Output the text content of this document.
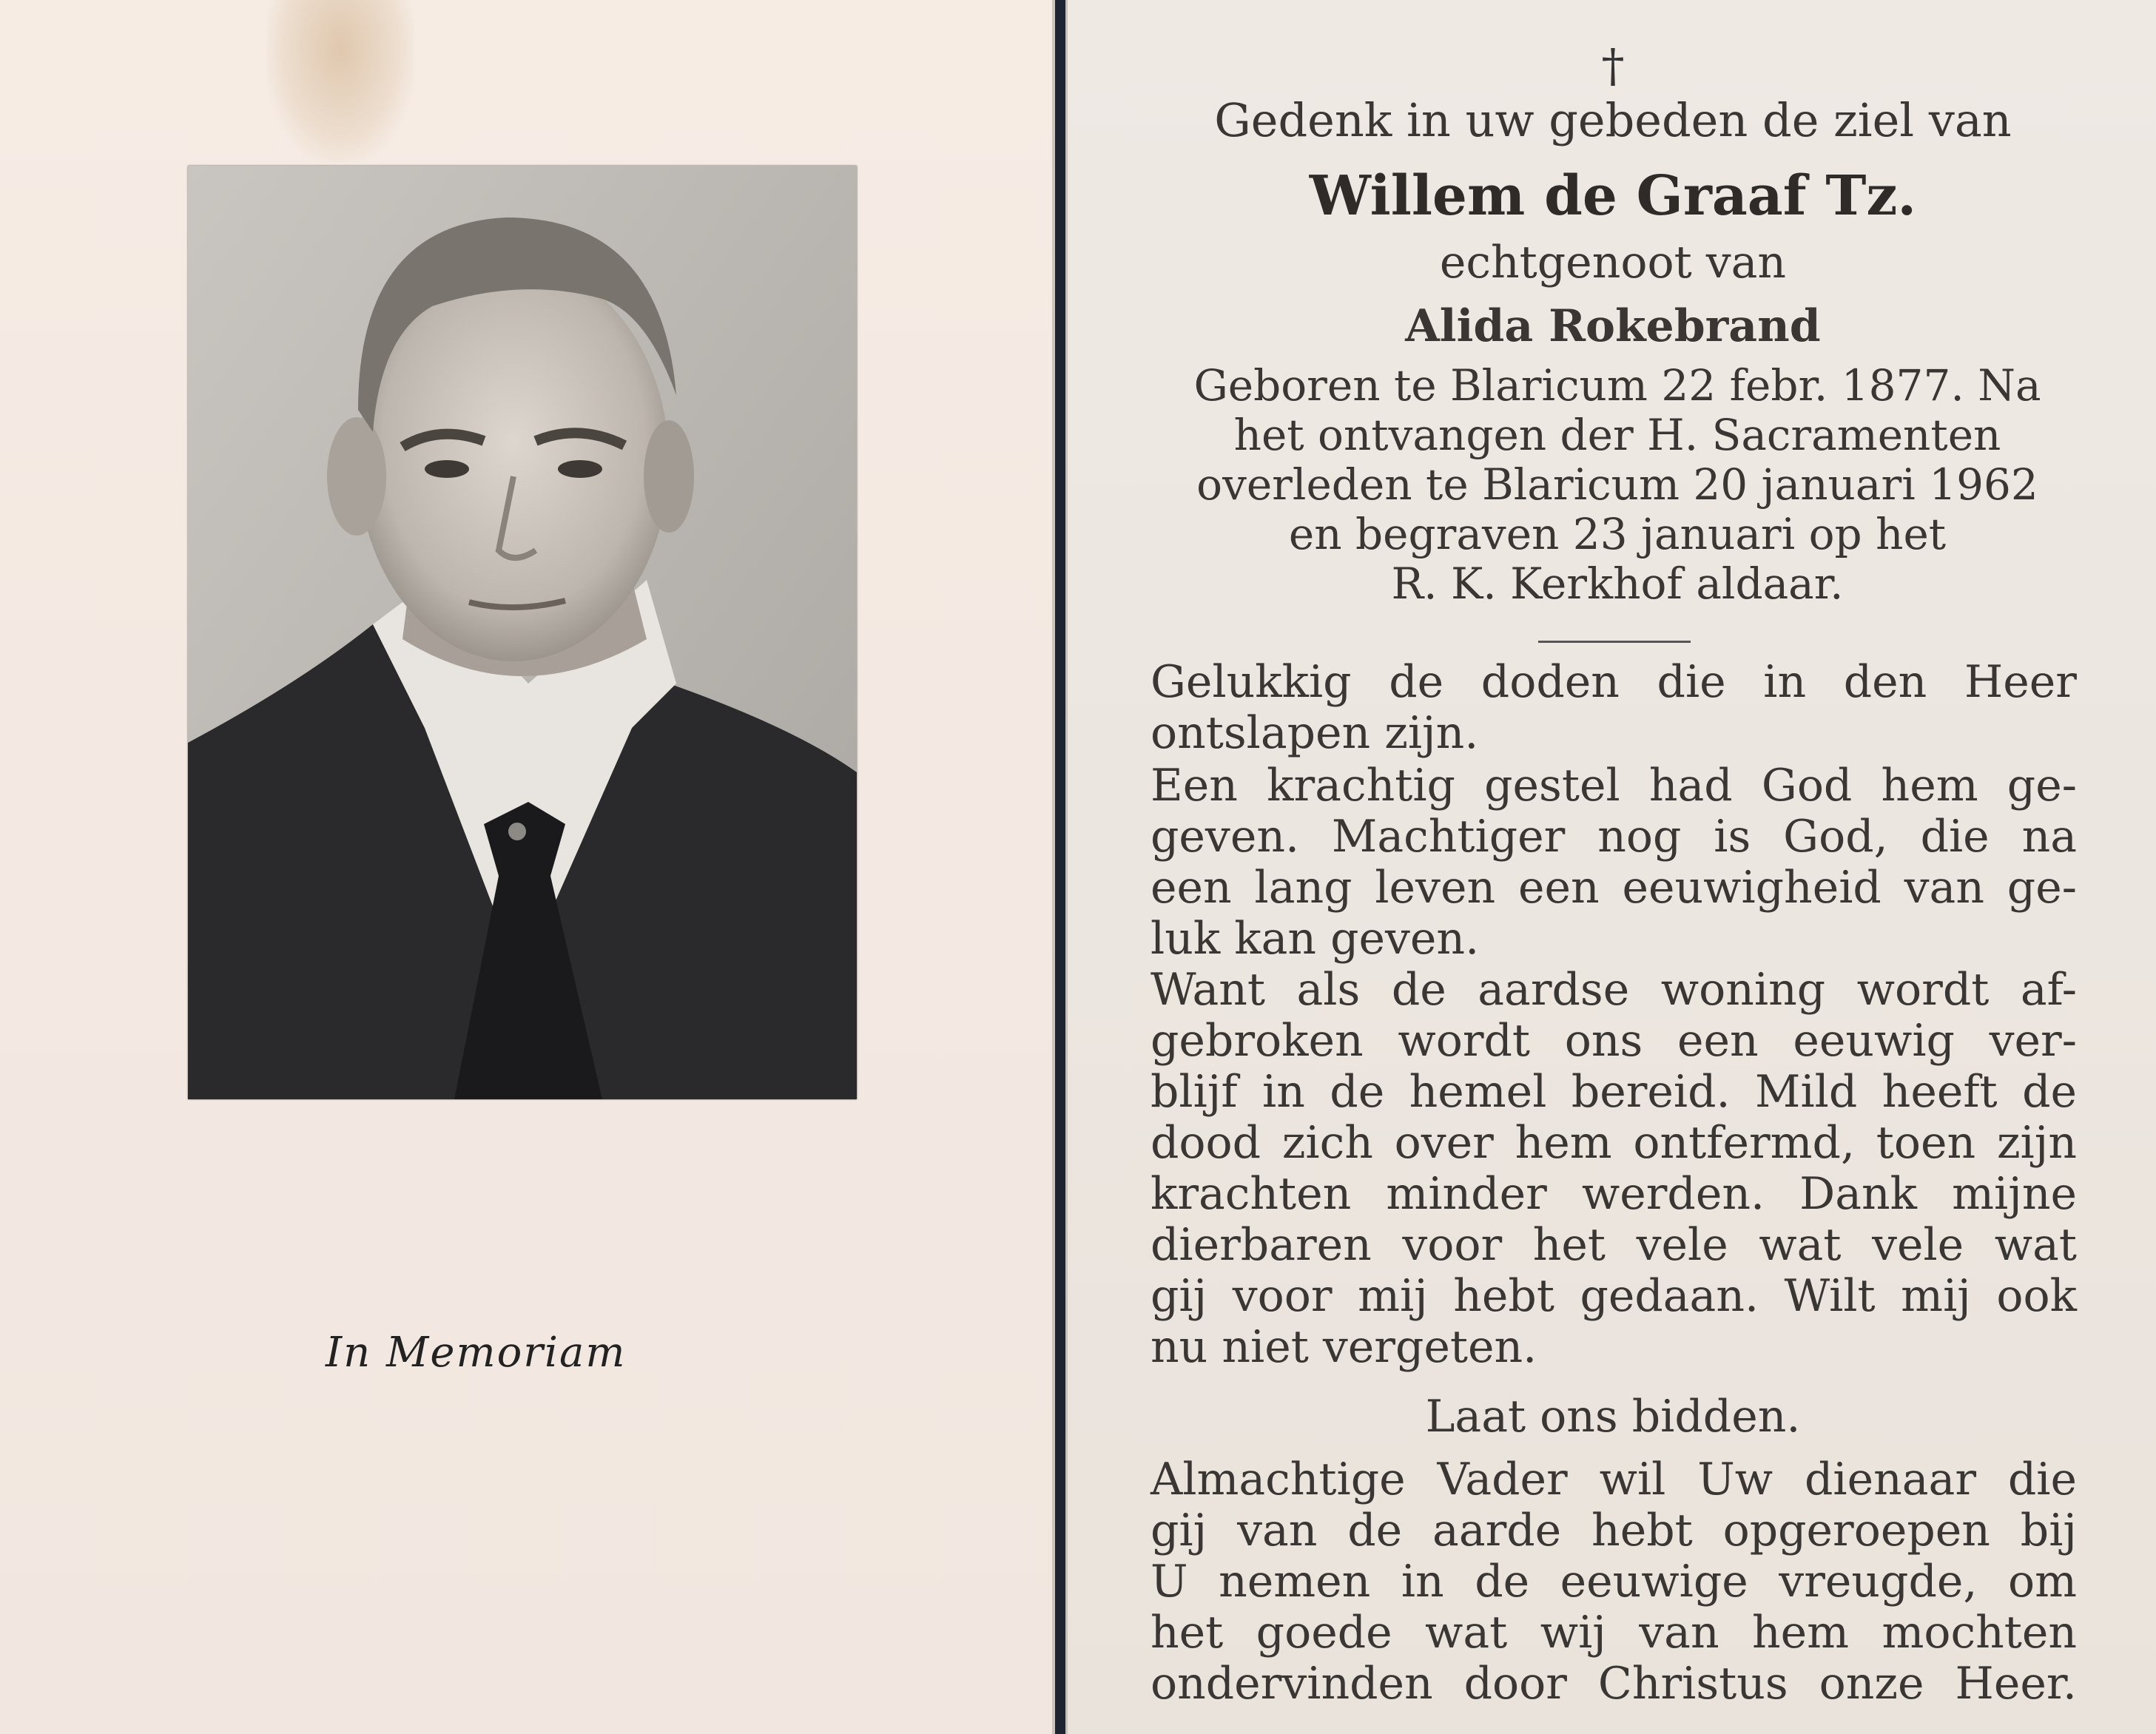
In Memoriam
†
Gedenk in uw gebeden de ziel van
Willem de Graaf Tz.
echtgenoot van
Alida Rokebrand
Geboren te Blaricum 22 febr. 1877. Na
het ontvangen der H. Sacramenten
overleden te Blaricum 20 januari 1962
en begraven 23 januari op het
R. K. Kerkhof aldaar.
Gelukkig de doden die in den Heer
ontslapen zijn.
Een krachtig gestel had God hem ge-
geven. Machtiger nog is God, die na
een lang leven een eeuwigheid van ge-
luk kan geven.
Want als de aardse woning wordt af-
gebroken wordt ons een eeuwig ver-
blijf in de hemel bereid. Mild heeft de
dood zich over hem ontfermd, toen zijn
krachten minder werden. Dank mijne
dierbaren voor het vele wat vele wat
gij voor mij hebt gedaan. Wilt mij ook
nu niet vergeten.
Laat ons bidden.
Almachtige Vader wil Uw dienaar die
gij van de aarde hebt opgeroepen bij
U nemen in de eeuwige vreugde, om
het goede wat wij van hem mochten
ondervinden door Christus onze Heer.
